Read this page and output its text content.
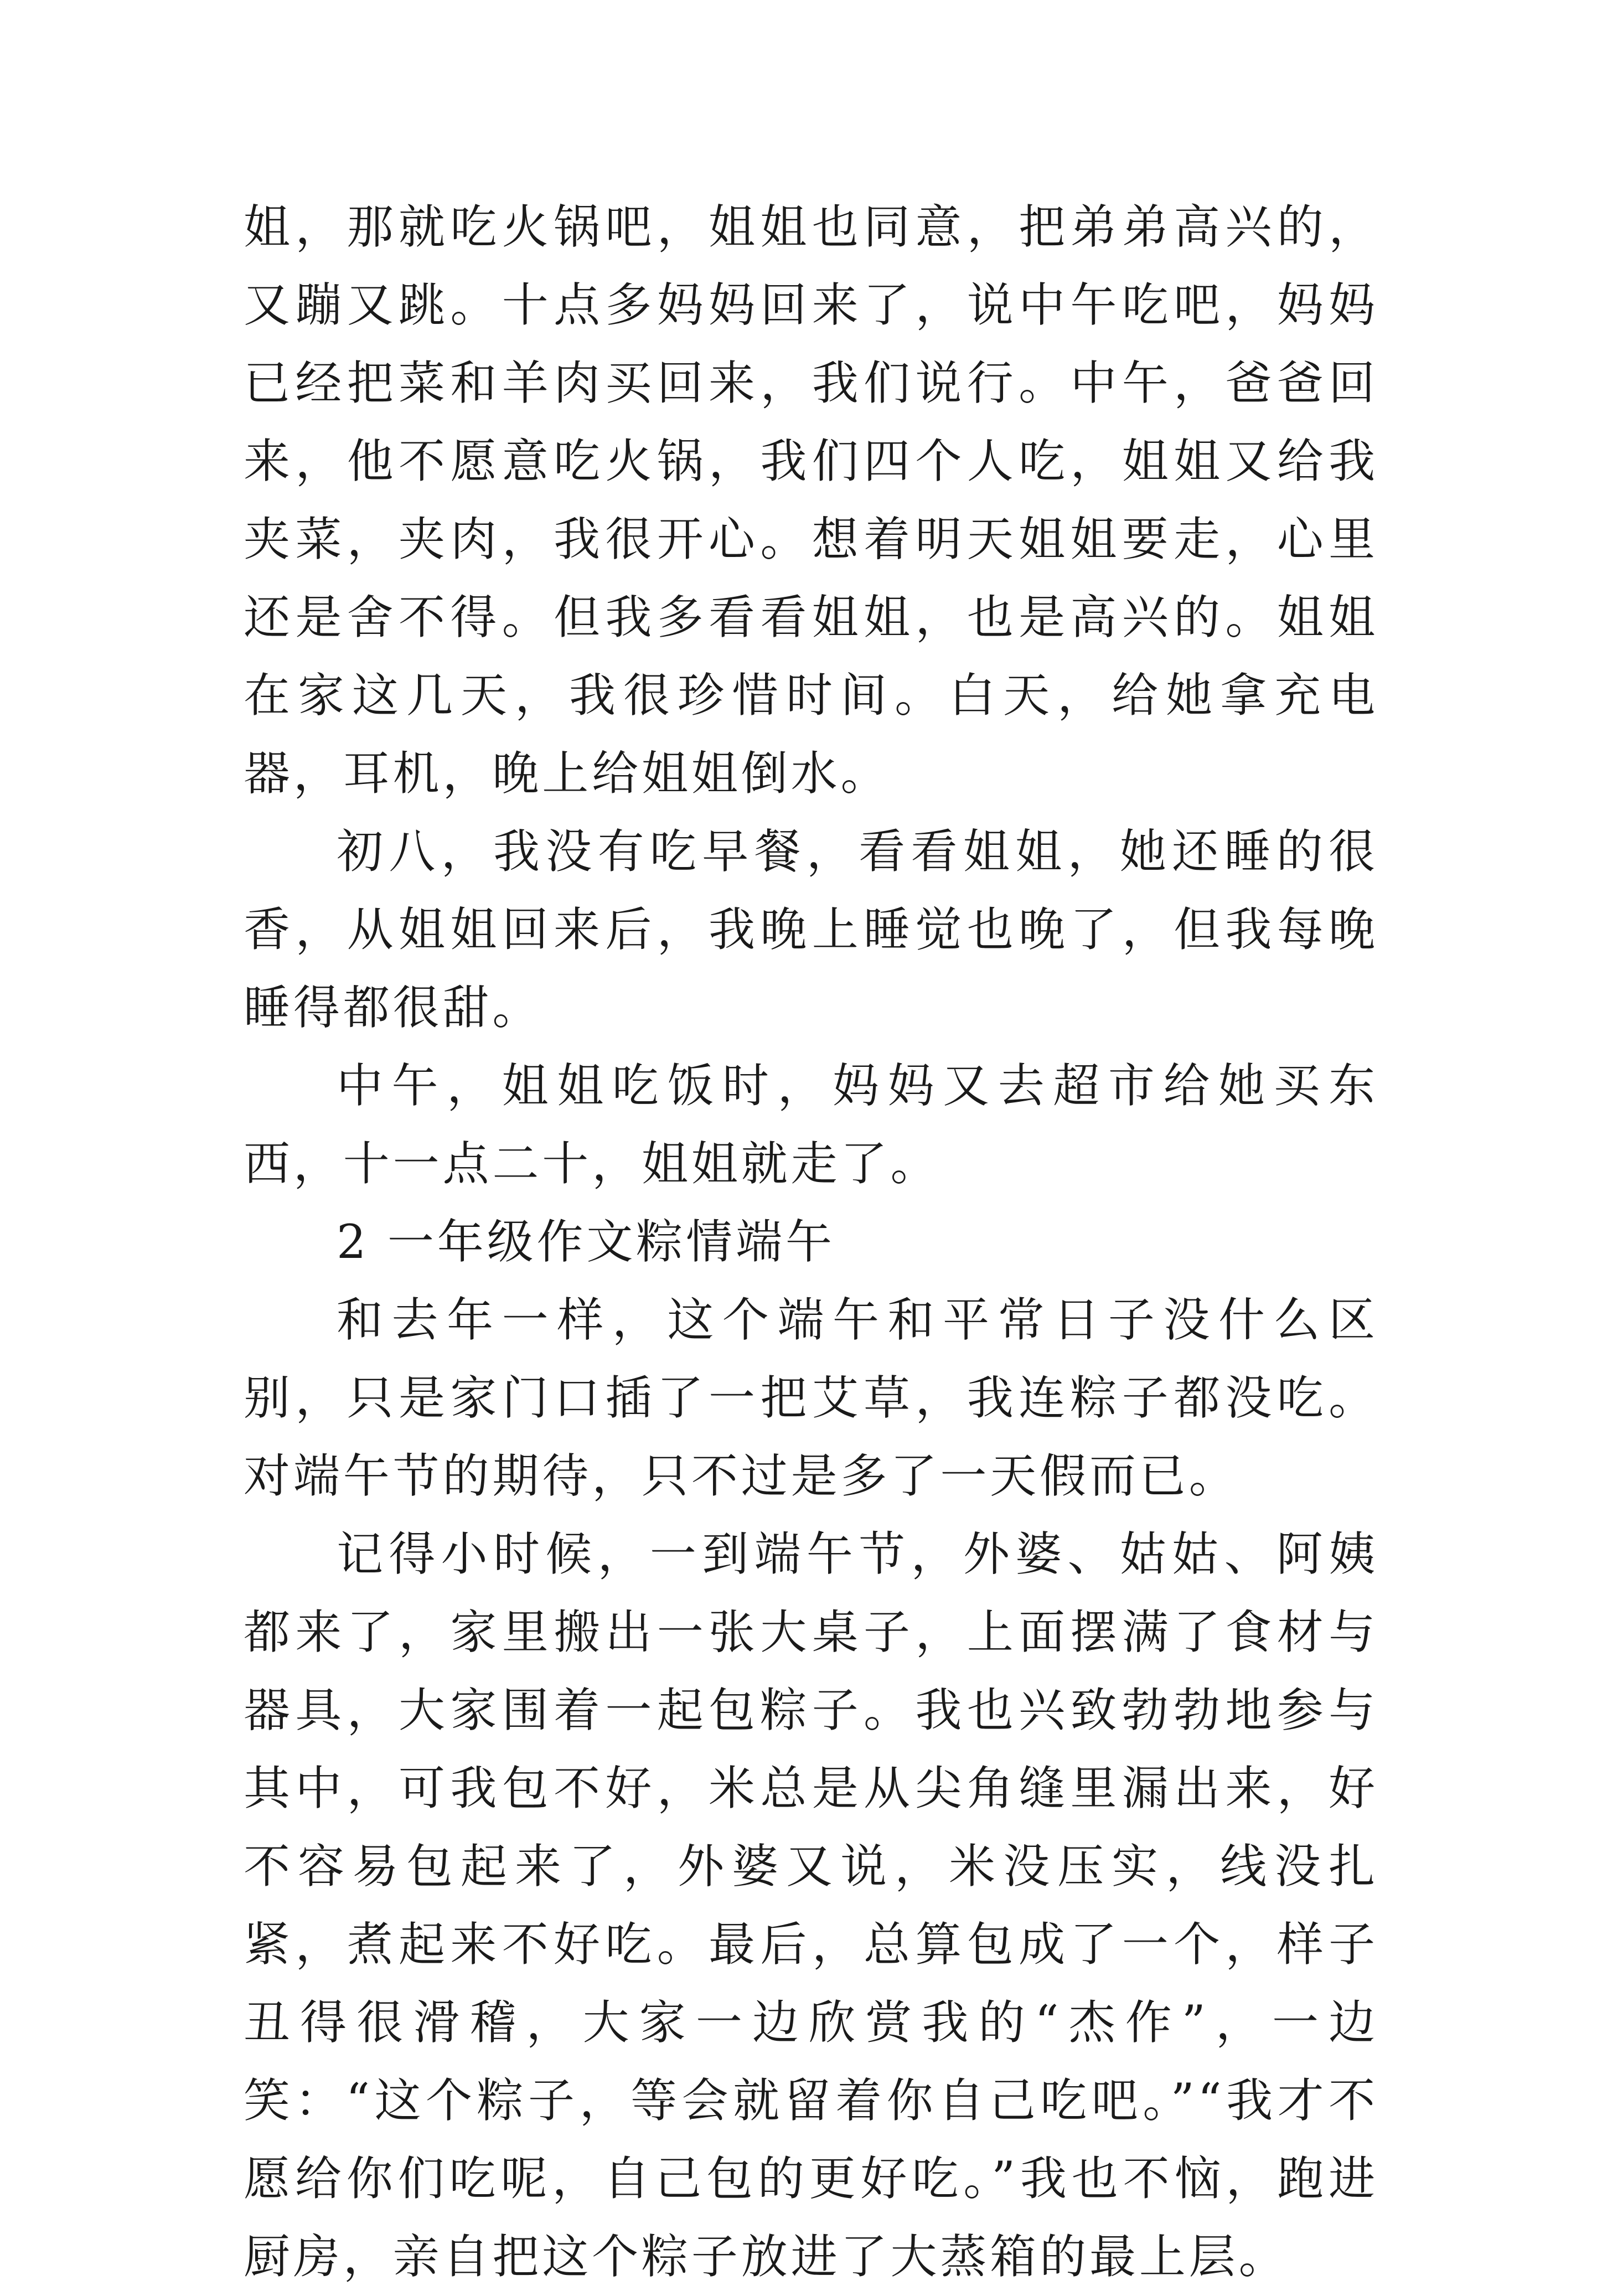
姐，那就吃火锅吧，姐姐也同意，把弟弟高兴的，又蹦又跳。十点多妈妈回来了，说中午吃吧，妈妈已经把菜和羊肉买回来，我们说行。中午，爸爸回来，他不愿意吃火锅，我们四个人吃，姐姐又给我夹菜，夹肉，我很开心。想着明天姐姐要走，心里还是舍不得。但我多看看姐姐，也是高兴的。姐姐在家这几天，我很珍惜时间。白天，给她拿充电器，耳机，晚上给姐姐倒水。

初八，我没有吃早餐，看看姐姐，她还睡的很香，从姐姐回来后，我晚上睡觉也晚了，但我每晚睡得都很甜。

中午，姐姐吃饭时，妈妈又去超市给她买东西，十一点二十，姐姐就走了。

2 一年级作文粽情端午

和去年一样，这个端午和平常日子没什么区别，只是家门口插了一把艾草，我连粽子都没吃。对端午节的期待，只不过是多了一天假而已。

记得小时候，一到端午节，外婆、姑姑、阿姨都来了，家里搬出一张大桌子，上面摆满了食材与器具，大家围着一起包粽子。我也兴致勃勃地参与其中，可我包不好，米总是从尖角缝里漏出来，好不容易包起来了，外婆又说，米没压实，线没扎紧，煮起来不好吃。最后，总算包成了一个，样子丑得很滑稽，大家一边欣赏我的“杰作”，一边笑：“这个粽子，等会就留着你自己吃吧。”“我才不愿给你们吃呢，自己包的更好吃。”我也不恼，跑进厨房，亲自把这个粽子放进了大蒸箱的最上层。
